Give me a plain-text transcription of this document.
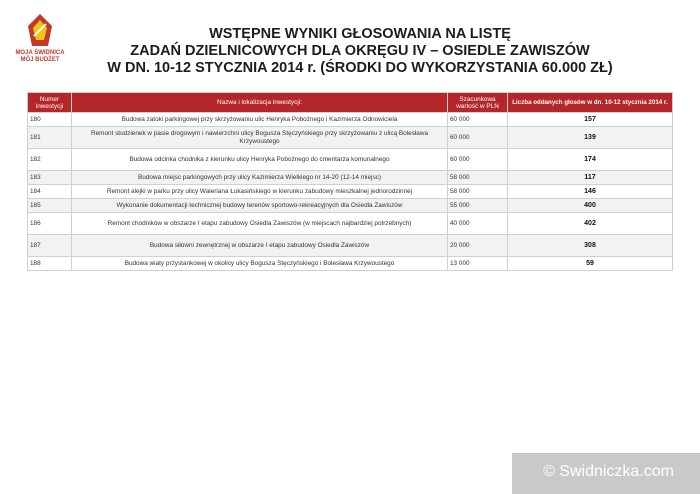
MOJA ŚWIDNICA
MÓJ BUDŻET
WSTĘPNE WYNIKI GŁOSOWANIA NA LISTĘ
ZADAŃ DZIELNICOWYCH DLA OKRĘGU IV – OSIEDLE ZAWISZÓW
W DN. 10-12 STYCZNIA 2014 r. (ŚRODKI DO WYKORZYSTANIA 60.000 ZŁ)
Numer inwestycji	Nazwa i lokalizacja inwestycji:	Szacunkowa wartość w PLN	Liczba oddanych głosów w dn. 10-12 stycznia 2014 r.
180	Budowa zatoki parkingowej przy skrzyżowaniu ulic Henryka Pobożnego i Kazimierza Odnowiciela	60 000	157
181	Remont studzienek w pasie drogowym i nawierzchni ulicy Bogusza Stęczyńskiego przy skrzyżowaniu z ulicą Bolesława Krzywoustego	60 000	139
182	Budowa odcinka chodnika z kierunku ulicy Henryka Pobożnego do cmentarza komunalnego	60 000	174
183	Budowa miejsc parkingowych przy ulicy Kazimierza Wielkiego nr 14-20 (12-14 miejsc)	58 000	117
184	Remont alejki w parku przy ulicy Waleriana Łukasińskiego w kierunku zabudowy mieszkalnej jednorodzinnej	58 000	146
185	Wykonanie dokumentacji technicznej budowy terenów sportowo-rekreacyjnych dla Osiedla Zawiszów	55 000	400
186	Remont chodników w obszarze I etapu zabudowy Osiedla Zawiszów (w miejscach najbardziej potrzebnych)	40 000	402
187	Budowa siłowni zewnętrznej w obszarze I etapu zabudowy Osiedla Zawiszów	20 000	308
188	Budowa wiaty przystankowej w okolicy ulicy Bogusza Stęczyńskiego i Bolesława Krzywoustego	13 000	59
© Swidniczka.com
